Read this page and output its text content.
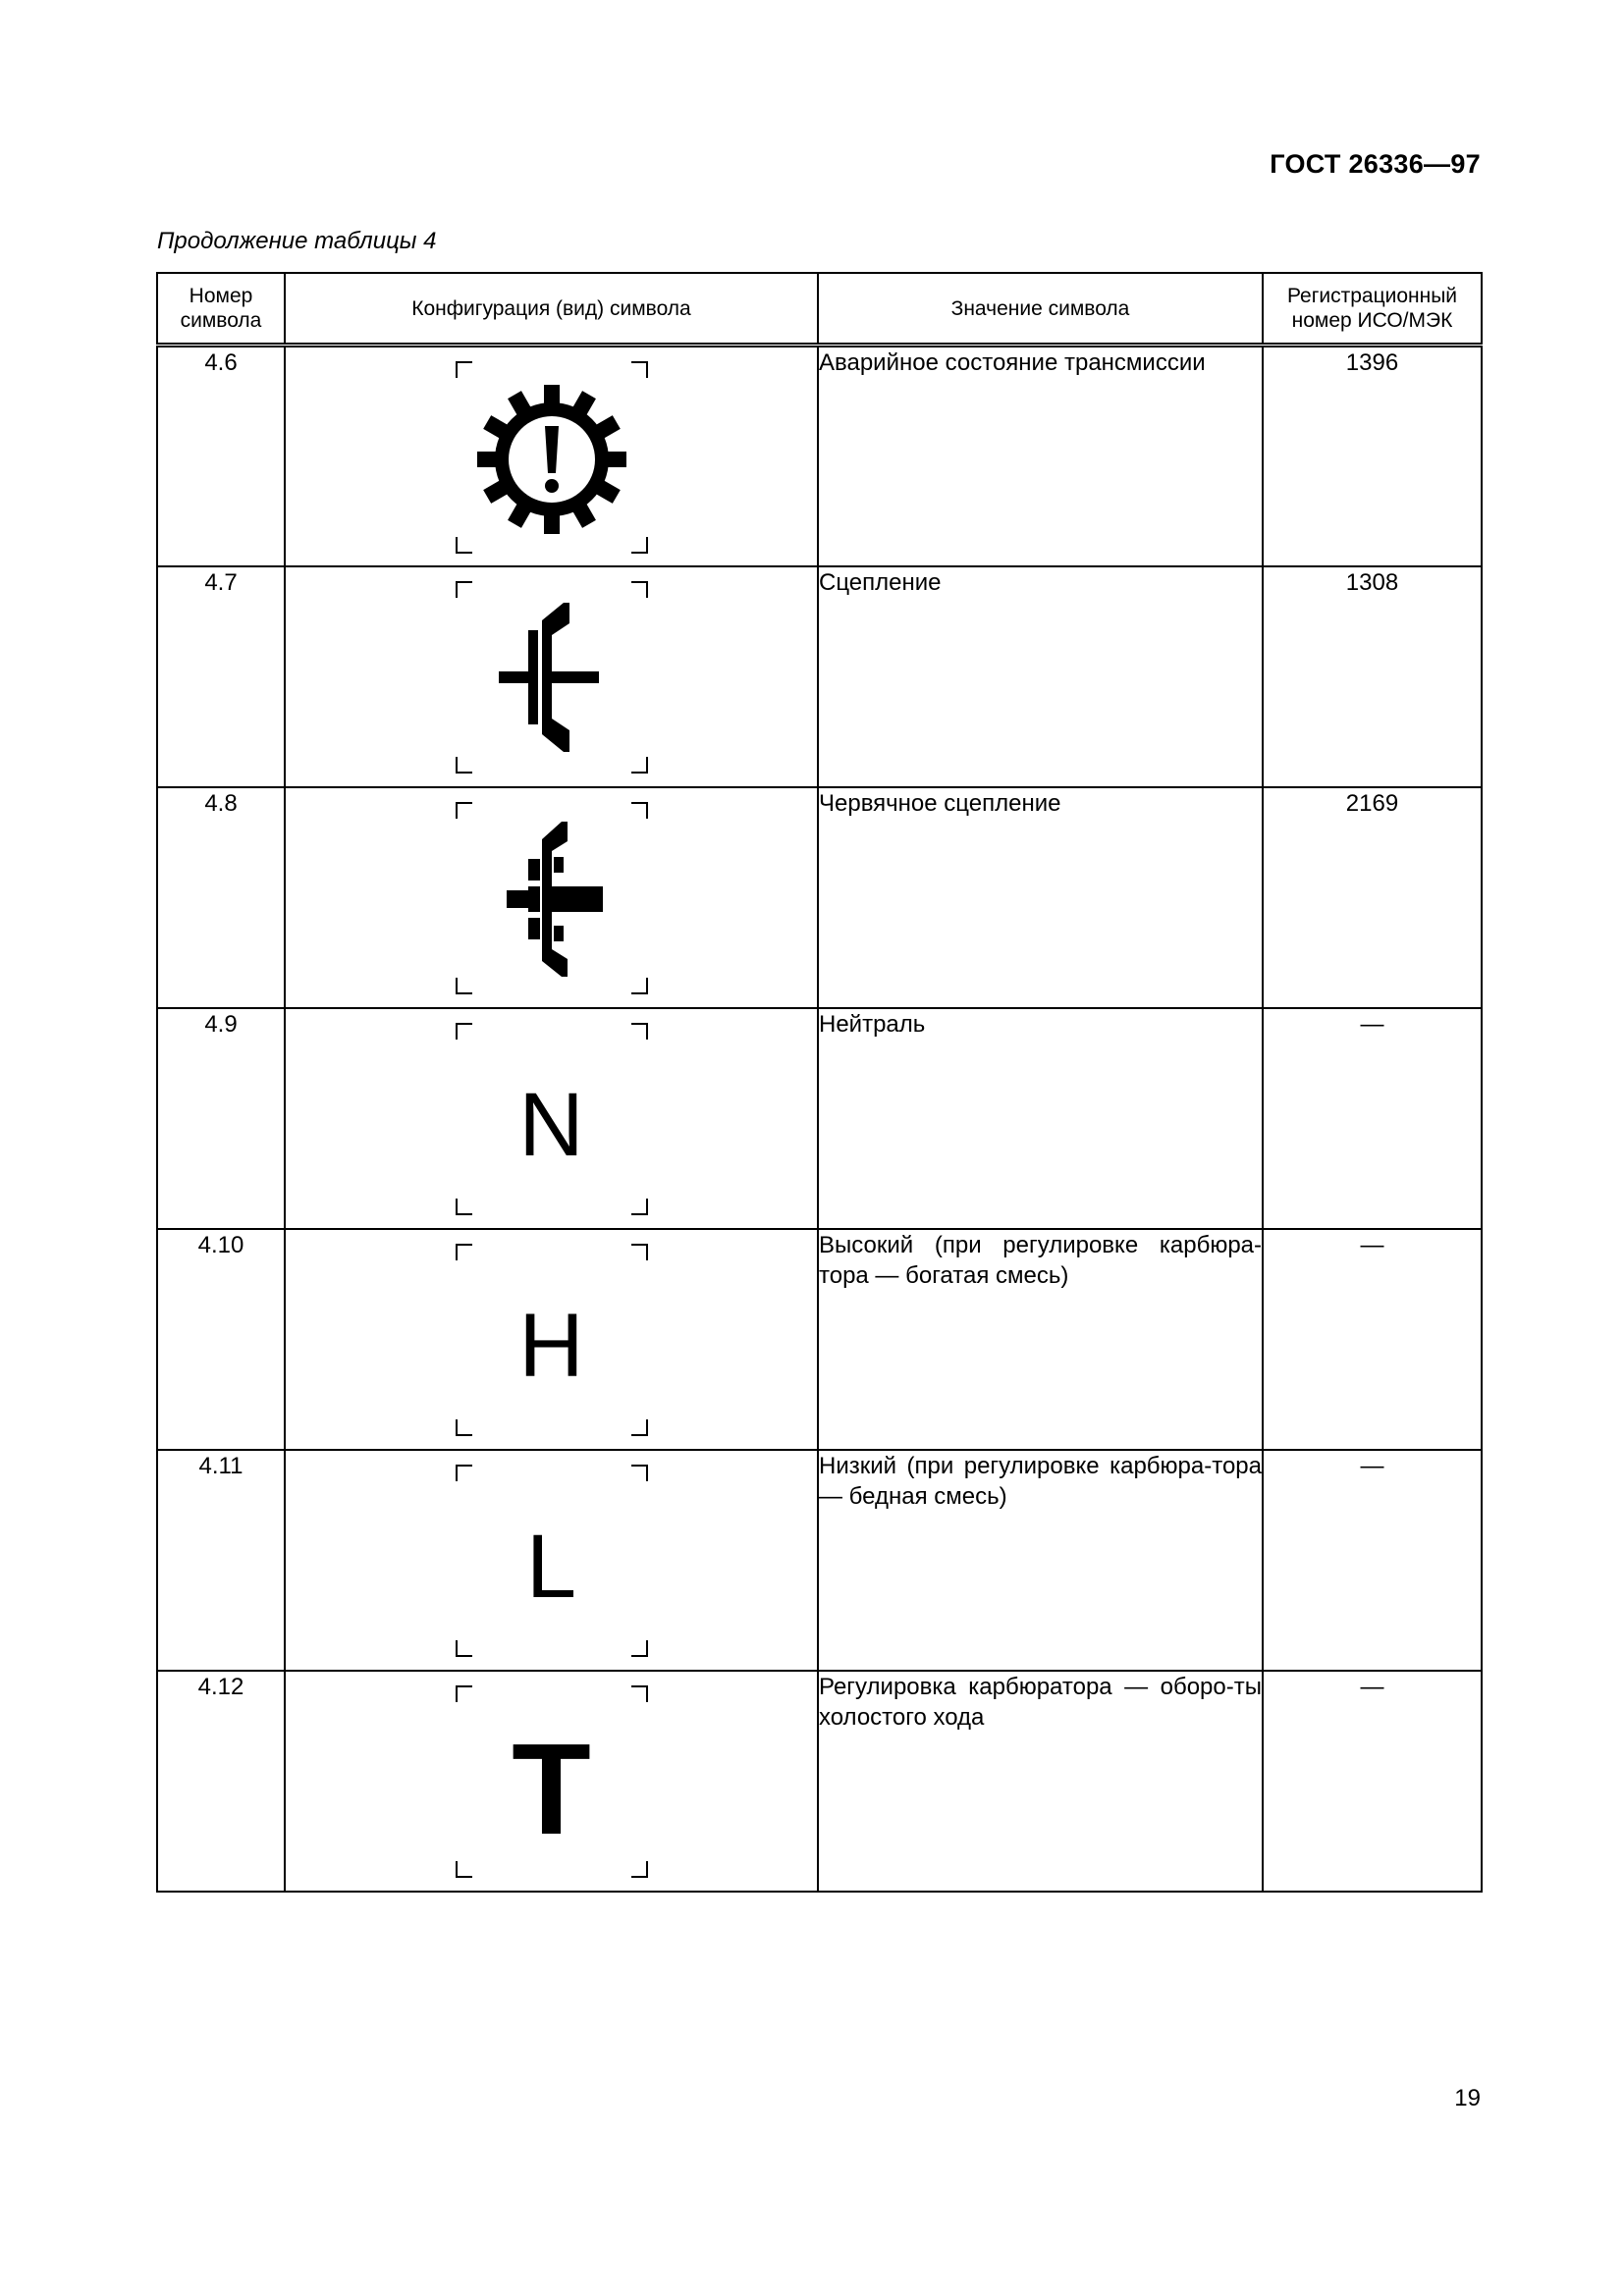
ГОСТ 26336—97
Продолжение таблицы 4
Номер символа	Конфигурация (вид) символа	Значение символа	Регистрационный номер ИСО/МЭК
4.6		Аварийное состояние трансмиссии	1396
4.7		Сцепление	1308
4.8		Червячное сцепление	2169
4.9	N	Нейтраль	—
4.10	H	Высокий (при регулировке карбюра-тора — богатая смесь)	—
4.11	L	Низкий (при регулировке карбюра-тора — бедная смесь)	—
4.12	T	Регулировка карбюратора — оборо-ты холостого хода	—
19
